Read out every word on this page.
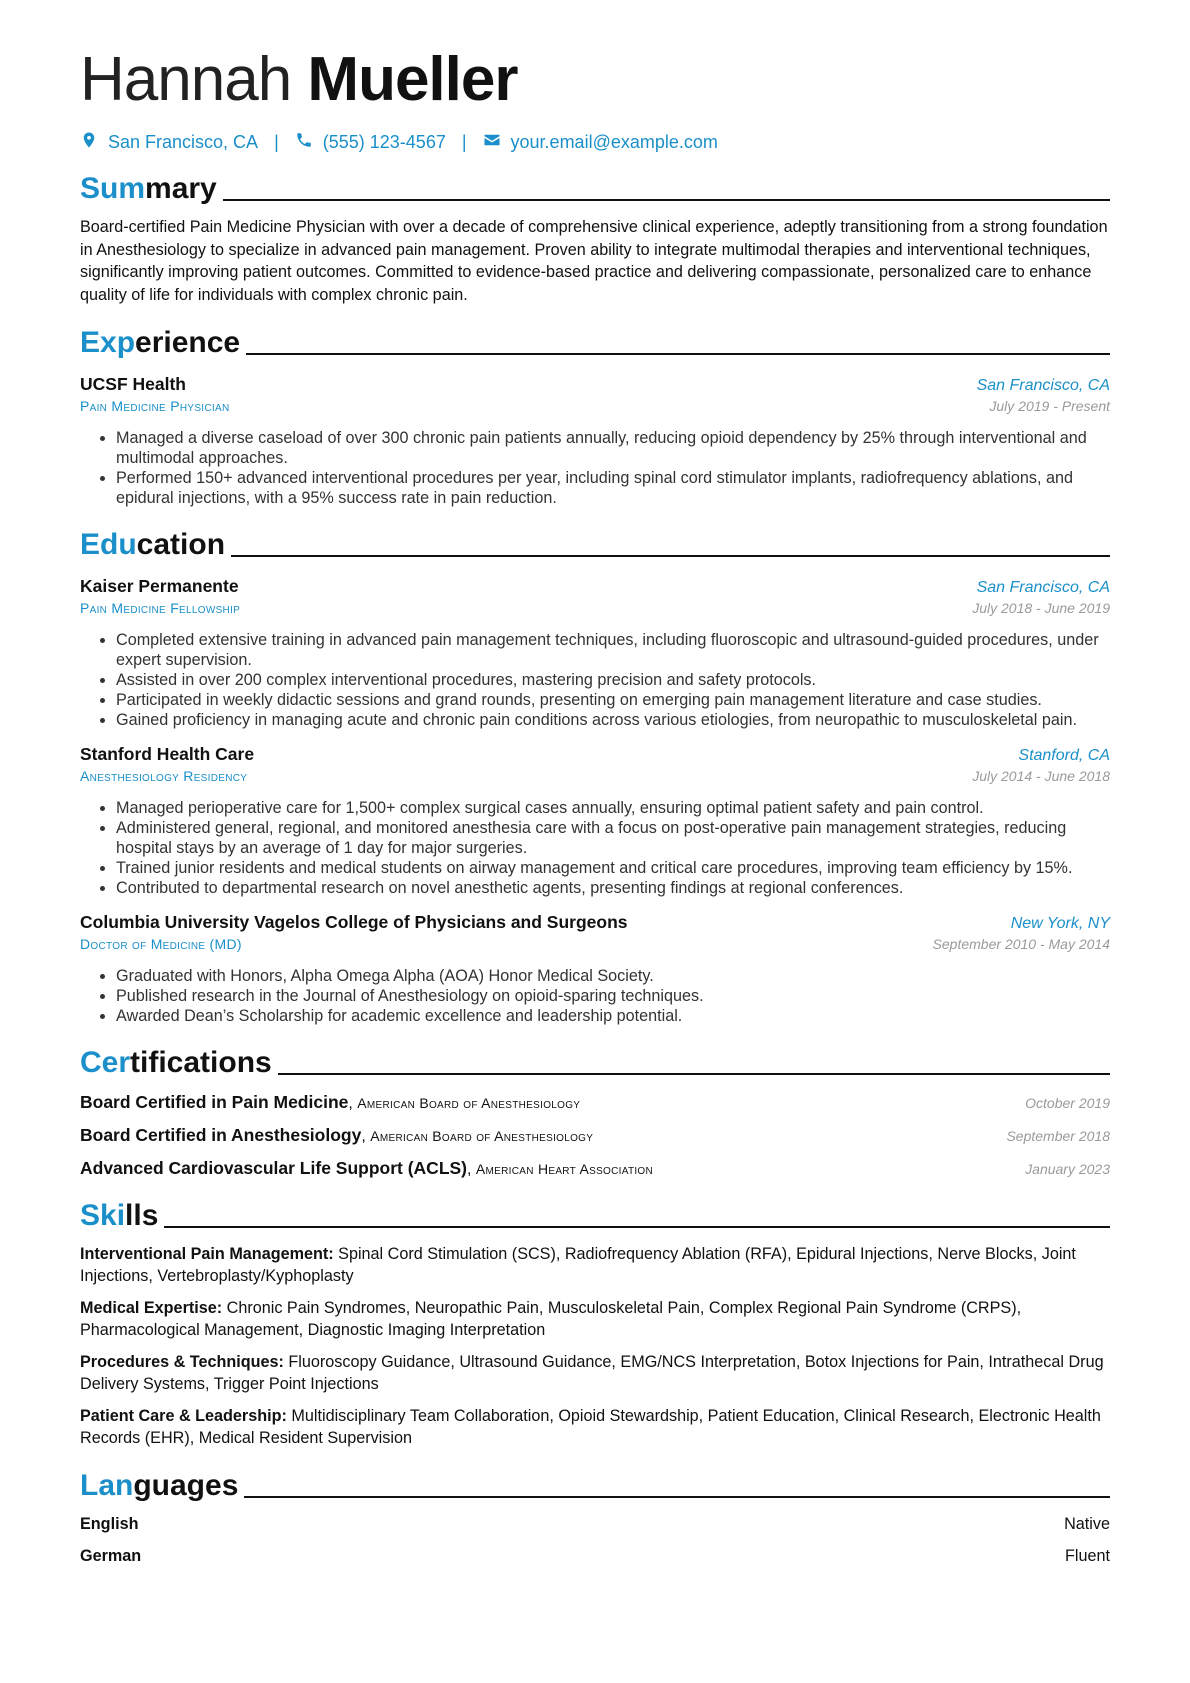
Hannah Mueller
San Francisco, CA | (555) 123-4567 | your.email@example.com
Summary

Board-certified Pain Medicine Physician with over a decade of comprehensive clinical experience, adeptly transitioning from a strong foundation in Anesthesiology to specialize in advanced pain management. Proven ability to integrate multimodal therapies and interventional techniques, significantly improving patient outcomes. Committed to evidence-based practice and delivering compassionate, personalized care to enhance quality of life for individuals with complex chronic pain.

Experience
UCSF Health	San Francisco, CA
Pain Medicine Physician	July 2019 - Present
• Managed a diverse caseload of over 300 chronic pain patients annually, reducing opioid dependency by 25% through interventional and multimodal approaches.
• Performed 150+ advanced interventional procedures per year, including spinal cord stimulator implants, radiofrequency ablations, and epidural injections, with a 95% success rate in pain reduction.
Education
Kaiser Permanente	San Francisco, CA
Pain Medicine Fellowship	July 2018 - June 2019
• Completed extensive training in advanced pain management techniques, including fluoroscopic and ultrasound-guided procedures, under expert supervision.
• Assisted in over 200 complex interventional procedures, mastering precision and safety protocols.
• Participated in weekly didactic sessions and grand rounds, presenting on emerging pain management literature and case studies.
• Gained proficiency in managing acute and chronic pain conditions across various etiologies, from neuropathic to musculoskeletal pain.
Stanford Health Care	Stanford, CA
Anesthesiology Residency	July 2014 - June 2018
• Managed perioperative care for 1,500+ complex surgical cases annually, ensuring optimal patient safety and pain control.
• Administered general, regional, and monitored anesthesia care with a focus on post-operative pain management strategies, reducing hospital stays by an average of 1 day for major surgeries.
• Trained junior residents and medical students on airway management and critical care procedures, improving team efficiency by 15%.
• Contributed to departmental research on novel anesthetic agents, presenting findings at regional conferences.
Columbia University Vagelos College of Physicians and Surgeons	New York, NY
Doctor of Medicine (MD)	September 2010 - May 2014
• Graduated with Honors, Alpha Omega Alpha (AOA) Honor Medical Society.
• Published research in the Journal of Anesthesiology on opioid-sparing techniques.
• Awarded Dean’s Scholarship for academic excellence and leadership potential.
Certifications
Board Certified in Pain Medicine, American Board of Anesthesiology	October 2019
Board Certified in Anesthesiology, American Board of Anesthesiology	September 2018
Advanced Cardiovascular Life Support (ACLS), American Heart Association	January 2023
Skills
Interventional Pain Management: Spinal Cord Stimulation (SCS), Radiofrequency Ablation (RFA), Epidural Injections, Nerve Blocks, Joint Injections, Vertebroplasty/Kyphoplasty
Medical Expertise: Chronic Pain Syndromes, Neuropathic Pain, Musculoskeletal Pain, Complex Regional Pain Syndrome (CRPS), Pharmacological Management, Diagnostic Imaging Interpretation
Procedures & Techniques: Fluoroscopy Guidance, Ultrasound Guidance, EMG/NCS Interpretation, Botox Injections for Pain, Intrathecal Drug Delivery Systems, Trigger Point Injections
Patient Care & Leadership: Multidisciplinary Team Collaboration, Opioid Stewardship, Patient Education, Clinical Research, Electronic Health Records (EHR), Medical Resident Supervision
Languages
English	Native
German	Fluent
